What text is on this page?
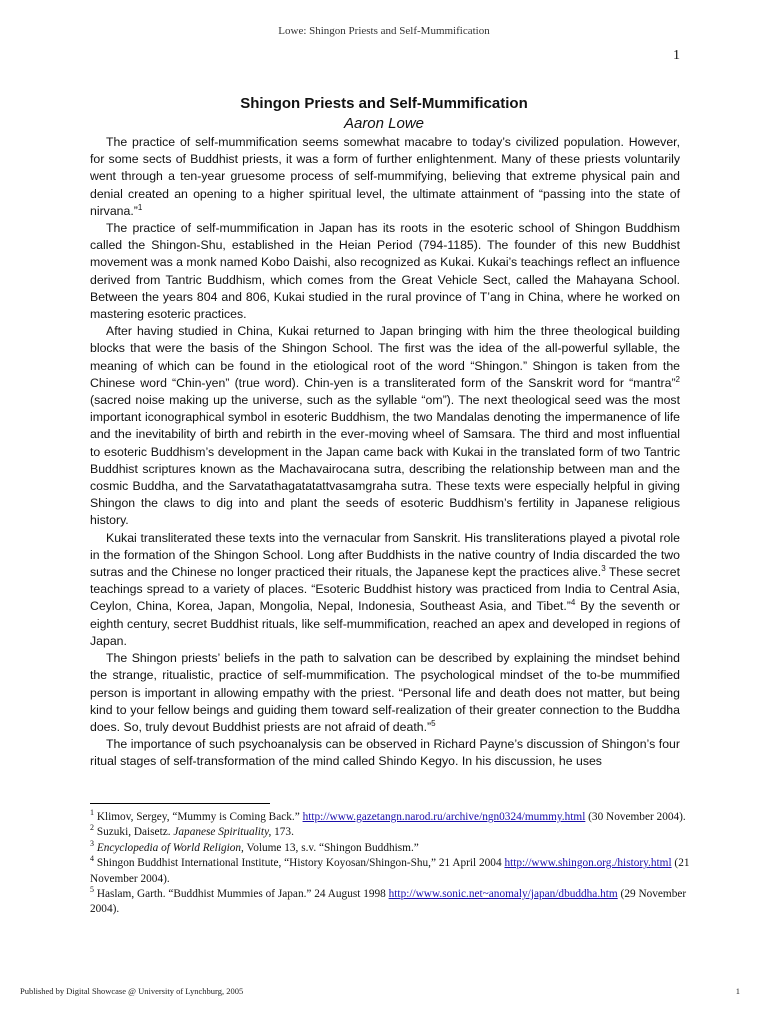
Lowe: Shingon Priests and Self-Mummification
1

Shingon Priests and Self-Mummification

Aaron Lowe

The practice of self-mummification seems somewhat macabre to today’s civilized population. However, for some sects of Buddhist priests, it was a form of further enlightenment. Many of these priests voluntarily went through a ten-year gruesome process of self-mummifying, believing that extreme physical pain and denial created an opening to a higher spiritual level, the ultimate attainment of “passing into the state of nirvana.”$^1$

The practice of self-mummification in Japan has its roots in the esoteric school of Shingon Buddhism called the Shingon-Shu, established in the Heian Period (794-1185). The founder of this new Buddhist movement was a monk named Kobo Daishi, also recognized as Kukai. Kukai’s teachings reflect an influence derived from Tantric Buddhism, which comes from the Great Vehicle Sect, called the Mahayana School. Between the years 804 and 806, Kukai studied in the rural province of T’ang in China, where he worked on mastering esoteric practices.

After having studied in China, Kukai returned to Japan bringing with him the three theological building blocks that were the basis of the Shingon School. The first was the idea of the all-powerful syllable, the meaning of which can be found in the etiological root of the word “Shingon.” Shingon is taken from the Chinese word “Chin-yen” (true word). Chin-yen is a transliterated form of the Sanskrit word for “mantra”$^2$ (sacred noise making up the universe, such as the syllable “om”). The next theological seed was the most important iconographical symbol in esoteric Buddhism, the two Mandalas denoting the impermanence of life and the inevitability of birth and rebirth in the ever-moving wheel of Samsara. The third and most influential to esoteric Buddhism’s development in the Japan came back with Kukai in the translated form of two Tantric Buddhist scriptures known as the Machavairocana sutra, describing the relationship between man and the cosmic Buddha, and the Sarvatathagatatattvasamgraha sutra. These texts were especially helpful in giving Shingon the claws to dig into and plant the seeds of esoteric Buddhism’s fertility in Japanese religious history.

Kukai transliterated these texts into the vernacular from Sanskrit. His transliterations played a pivotal role in the formation of the Shingon School. Long after Buddhists in the native country of India discarded the two sutras and the Chinese no longer practiced their rituals, the Japanese kept the practices alive.$^3$ These secret teachings spread to a variety of places. “Esoteric Buddhist history was practiced from India to Central Asia, Ceylon, China, Korea, Japan, Mongolia, Nepal, Indonesia, Southeast Asia, and Tibet.”$^4$ By the seventh or eighth century, secret Buddhist rituals, like self-mummification, reached an apex and developed in regions of Japan.

The Shingon priests’ beliefs in the path to salvation can be described by explaining the mindset behind the strange, ritualistic, practice of self-mummification. The psychological mindset of the to-be mummified person is important in allowing empathy with the priest. “Personal life and death does not matter, but being kind to your fellow beings and guiding them toward self-realization of their greater connection to the Buddha does. So, truly devout Buddhist priests are not afraid of death.”$^5$

The importance of such psychoanalysis can be observed in Richard Payne’s discussion of Shingon’s four ritual stages of self-transformation of the mind called Shindo Kegyo. In his discussion, he uses

$^1$ Klimov, Sergey, “Mummy is Coming Back.” http://www.gazetangn.narod.ru/archive/ngn0324/mummy.html (30 November 2004).

$^2$ Suzuki, Daisetz. Japanese Spirituality, 173.

$^3$ Encyclopedia of World Religion, Volume 13, s.v. “Shingon Buddhism.”

$^4$ Shingon Buddhist International Institute, “History Koyosan/Shingon-Shu,” 21 April 2004 http://www.shingon.org./history.html (21 November 2004).

$^5$ Haslam, Garth. “Buddhist Mummies of Japan.” 24 August 1998 http://www.sonic.net~anomaly/japan/dbuddha.htm (29 November 2004).

Published by Digital Showcase @ University of Lynchburg, 2005	1
